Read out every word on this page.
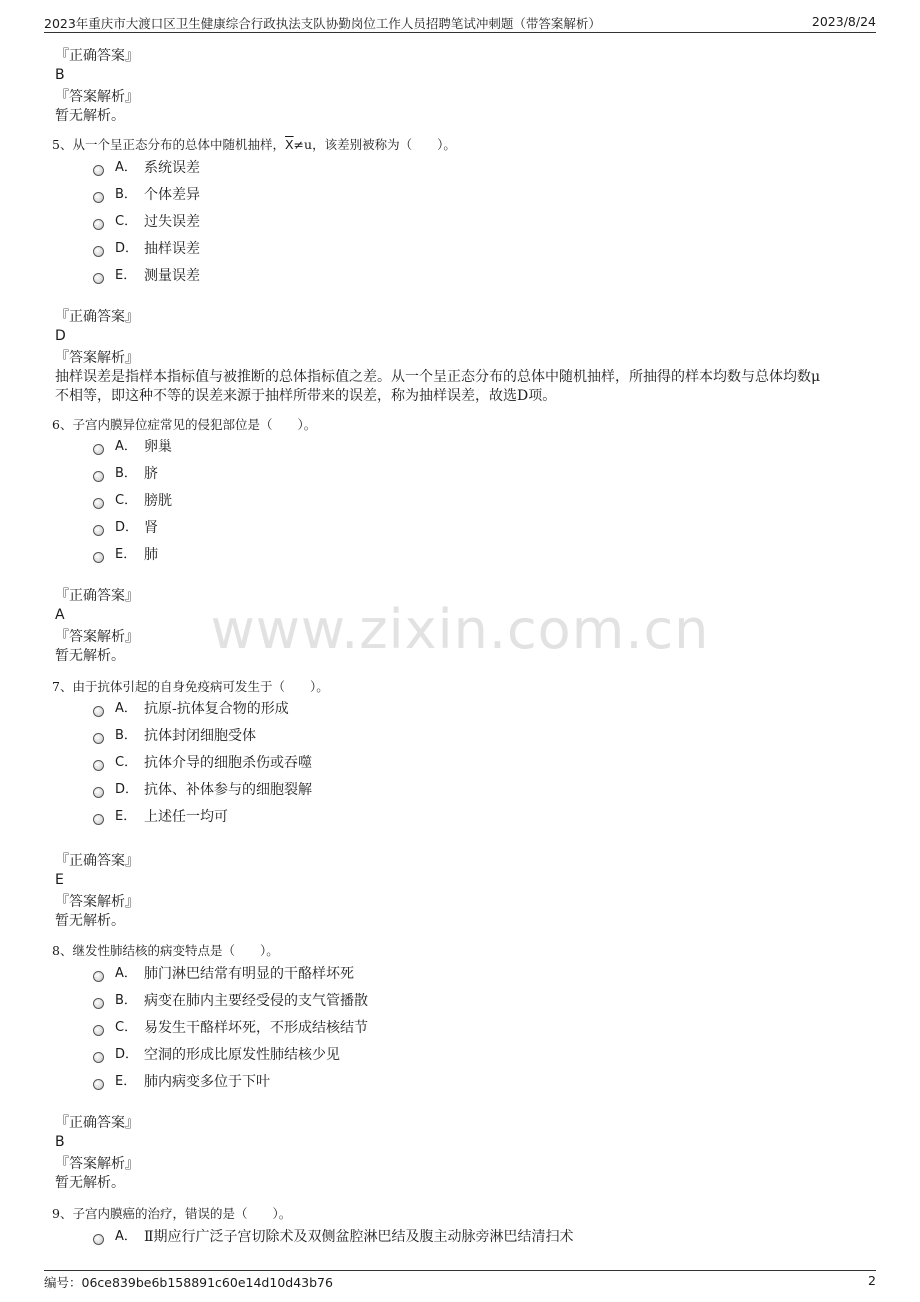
2023年重庆市大渡口区卫生健康综合行政执法支队协勤岗位工作人员招聘笔试冲刺题（带答案解析）	2023/8/24
www.zixin.com.cn
『正确答案』
B
『答案解析』
暂无解析。
5、从一个呈正态分布的总体中随机抽样，$\overline{X}\ne u$，该差别被称为（　　）。
A． 系统误差
B． 个体差异
C． 过失误差
D． 抽样误差
E． 测量误差
『正确答案』
D
『答案解析』
抽样误差是指样本指标值与被推断的总体指标值之差。从一个呈正态分布的总体中随机抽样，所抽得的样本均数与总体均数μ
不相等，即这种不等的误差来源于抽样所带来的误差，称为抽样误差，故选D项。
6、子宫内膜异位症常见的侵犯部位是（　　）。
A． 卵巢
B． 脐
C． 膀胱
D． 肾
E． 肺
『正确答案』
A
『答案解析』
暂无解析。
7、由于抗体引起的自身免疫病可发生于（　　）。
A． 抗原-抗体复合物的形成
B． 抗体封闭细胞受体
C． 抗体介导的细胞杀伤或吞噬
D． 抗体、补体参与的细胞裂解
E． 上述任一均可
『正确答案』
E
『答案解析』
暂无解析。
8、继发性肺结核的病变特点是（　　）。
A． 肺门淋巴结常有明显的干酪样坏死
B． 病变在肺内主要经受侵的支气管播散
C． 易发生干酪样坏死，不形成结核结节
D． 空洞的形成比原发性肺结核少见
E． 肺内病变多位于下叶
『正确答案』
B
『答案解析』
暂无解析。
9、子宫内膜癌的治疗，错误的是（　　）。
A． Ⅱ期应行广泛子宫切除术及双侧盆腔淋巴结及腹主动脉旁淋巴结清扫术
编号：06ce839be6b158891c60e14d10d43b76	2
